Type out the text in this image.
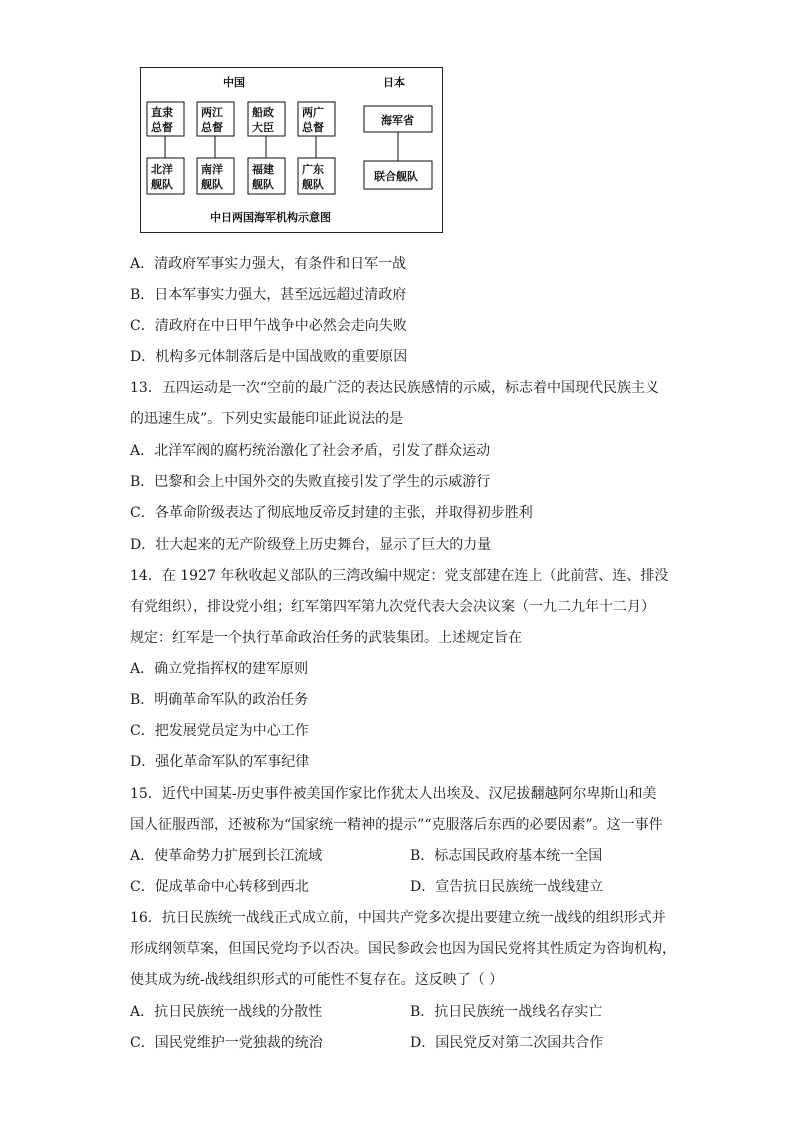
中国	日本
直隶
总督
两江
总督
船政
大臣
两广
总督
北洋
舰队
南洋
舰队
福建
舰队
广东
舰队
海军省
联合舰队
中日两国海军机构示意图
A．清政府军事实力强大，有条件和日军一战
B．日本军事实力强大，甚至远远超过清政府
C．清政府在中日甲午战争中必然会走向失败
D．机构多元体制落后是中国战败的重要原因
13．五四运动是一次“空前的最广泛的表达民族感情的示威，标志着中国现代民族主义
的迅速生成”。下列史实最能印证此说法的是
A．北洋军阀的腐朽统治激化了社会矛盾，引发了群众运动
B．巴黎和会上中国外交的失败直接引发了学生的示威游行
C．各革命阶级表达了彻底地反帝反封建的主张，并取得初步胜利
D．壮大起来的无产阶级登上历史舞台，显示了巨大的力量
14．在 1927 年秋收起义部队的三湾改编中规定：党支部建在连上（此前营、连、排没
有党组织），排设党小组；红军第四军第九次党代表大会决议案（一九二九年十二月）
规定：红军是一个执行革命政治任务的武装集团。上述规定旨在
A．确立党指挥权的建军原则
B．明确革命军队的政治任务
C．把发展党员定为中心工作
D．强化革命军队的军事纪律
15．近代中国某-历史事件被美国作家比作犹太人出埃及、汉尼拔翻越阿尔卑斯山和美
国人征服西部，还被称为“国家统一精神的提示”“克服落后东西的必要因素”。这一事件
A．使革命势力扩展到长江流域	B．标志国民政府基本统一全国
C．促成革命中心转移到西北	D．宣告抗日民族统一战线建立
16．抗日民族统一战线正式成立前，中国共产党多次提出要建立统一战线的组织形式并
形成纲领草案，但国民党均予以否决。国民参政会也因为国民党将其性质定为咨询机构，
使其成为统-战线组织形式的可能性不复存在。这反映了（ ）
A．抗日民族统一战线的分散性	B．抗日民族统一战线名存实亡
C．国民党维护一党独裁的统治	D．国民党反对第二次国共合作
